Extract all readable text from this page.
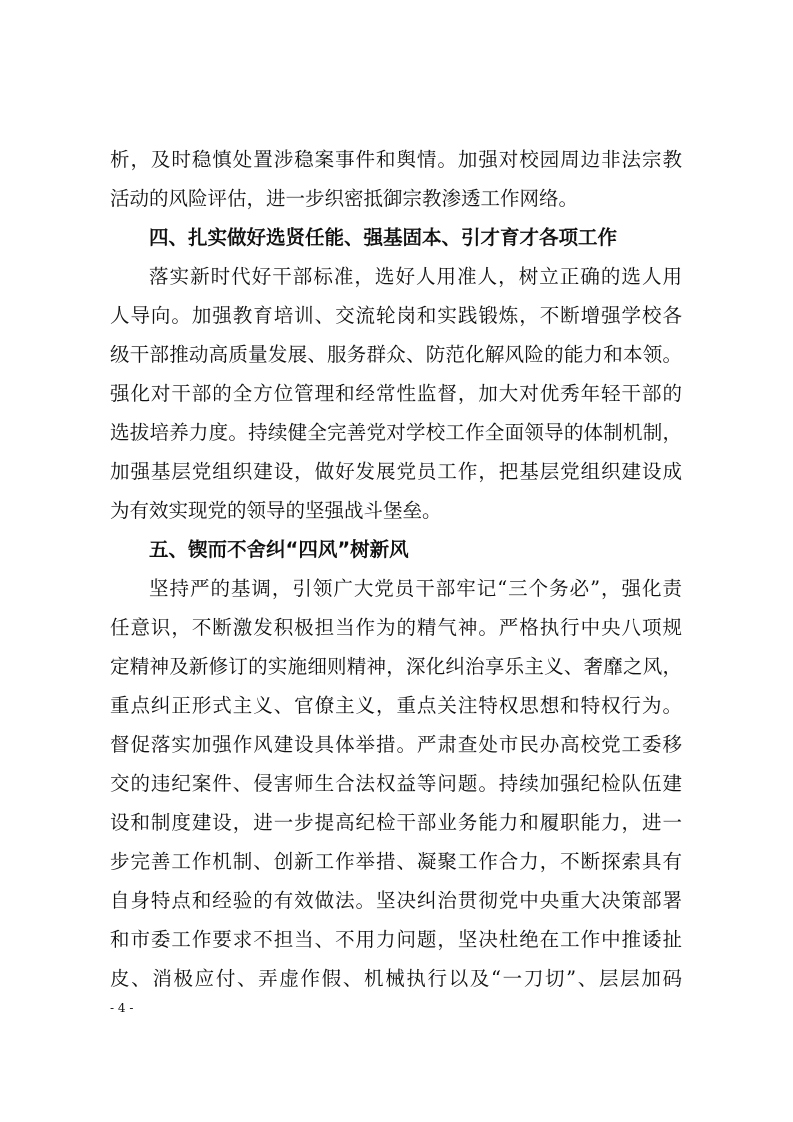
析，及时稳慎处置涉稳案事件和舆情。加强对校园周边非法宗教
活动的风险评估，进一步织密抵御宗教渗透工作网络。
四、扎实做好选贤任能、强基固本、引才育才各项工作
落实新时代好干部标准，选好人用准人，树立正确的选人用
人导向。加强教育培训、交流轮岗和实践锻炼，不断增强学校各
级干部推动高质量发展、服务群众、防范化解风险的能力和本领。
强化对干部的全方位管理和经常性监督，加大对优秀年轻干部的
选拔培养力度。持续健全完善党对学校工作全面领导的体制机制，
加强基层党组织建设，做好发展党员工作，把基层党组织建设成
为有效实现党的领导的坚强战斗堡垒。
五、锲而不舍纠“四风”树新风
坚持严的基调，引领广大党员干部牢记“三个务必”，强化责
任意识，不断激发积极担当作为的精气神。严格执行中央八项规
定精神及新修订的实施细则精神，深化纠治享乐主义、奢靡之风，
重点纠正形式主义、官僚主义，重点关注特权思想和特权行为。
督促落实加强作风建设具体举措。严肃查处市民办高校党工委移
交的违纪案件、侵害师生合法权益等问题。持续加强纪检队伍建
设和制度建设，进一步提高纪检干部业务能力和履职能力，进一
步完善工作机制、创新工作举措、凝聚工作合力，不断探索具有
自身特点和经验的有效做法。坚决纠治贯彻党中央重大决策部署
和市委工作要求不担当、不用力问题，坚决杜绝在工作中推诿扯
皮、消极应付、弄虚作假、机械执行以及“一刀切”、层层加码
- 4 -
